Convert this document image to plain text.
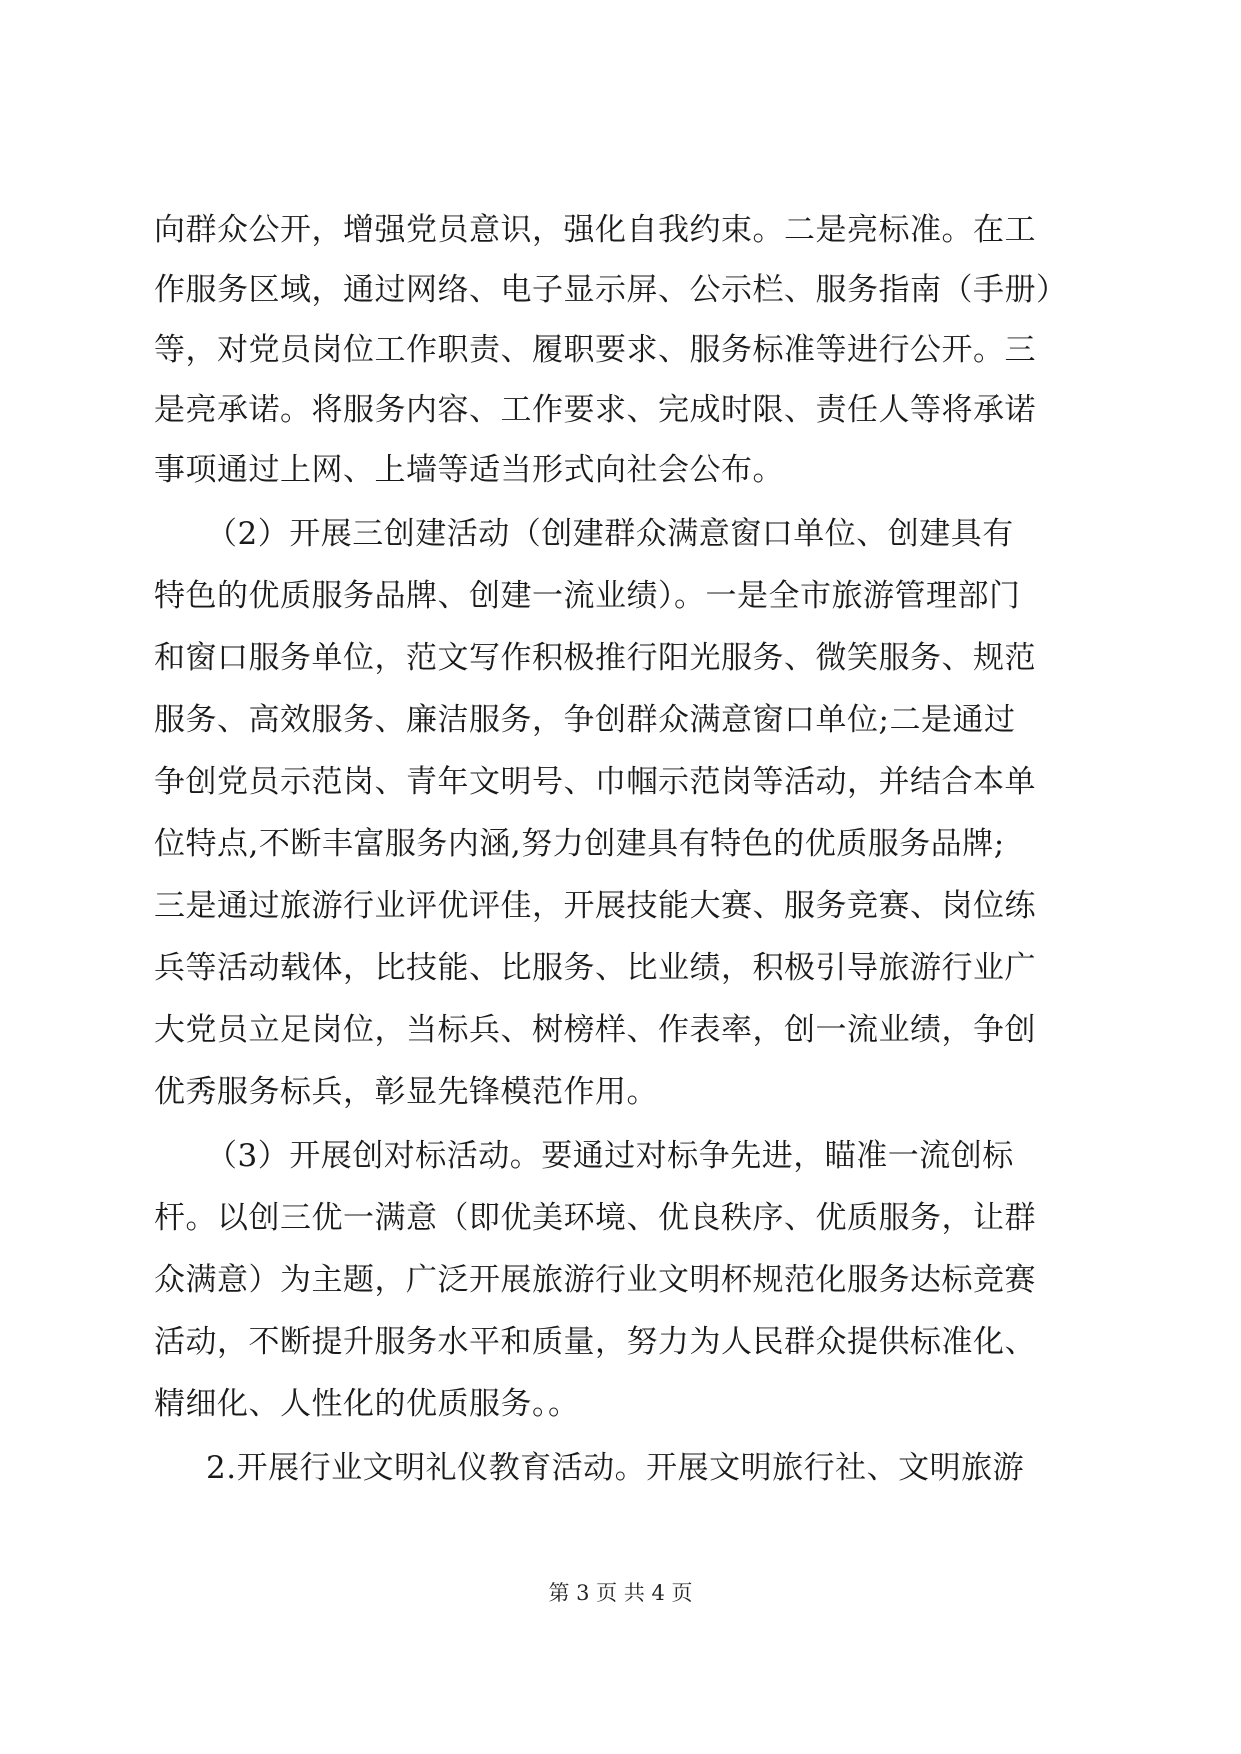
向群众公开，增强党员意识，强化自我约束。二是亮标准。在工
作服务区域，通过网络、电子显示屏、公示栏、服务指南（手册）
等，对党员岗位工作职责、履职要求、服务标准等进行公开。三
是亮承诺。将服务内容、工作要求、完成时限、责任人等将承诺
事项通过上网、上墙等适当形式向社会公布。
（2）开展三创建活动（创建群众满意窗口单位、创建具有
特色的优质服务品牌、创建一流业绩）。一是全市旅游管理部门
和窗口服务单位，范文写作积极推行阳光服务、微笑服务、规范
服务、高效服务、廉洁服务，争创群众满意窗口单位;二是通过
争创党员示范岗、青年文明号、巾帼示范岗等活动，并结合本单
位特点,不断丰富服务内涵,努力创建具有特色的优质服务品牌;
三是通过旅游行业评优评佳，开展技能大赛、服务竞赛、岗位练
兵等活动载体，比技能、比服务、比业绩，积极引导旅游行业广
大党员立足岗位，当标兵、树榜样、作表率，创一流业绩，争创
优秀服务标兵，彰显先锋模范作用。
（3）开展创对标活动。要通过对标争先进，瞄准一流创标
杆。以创三优一满意（即优美环境、优良秩序、优质服务，让群
众满意）为主题，广泛开展旅游行业文明杯规范化服务达标竞赛
活动，不断提升服务水平和质量，努力为人民群众提供标准化、
精细化、人性化的优质服务。。
2.开展行业文明礼仪教育活动。开展文明旅行社、文明旅游
第 3 页 共 4 页
